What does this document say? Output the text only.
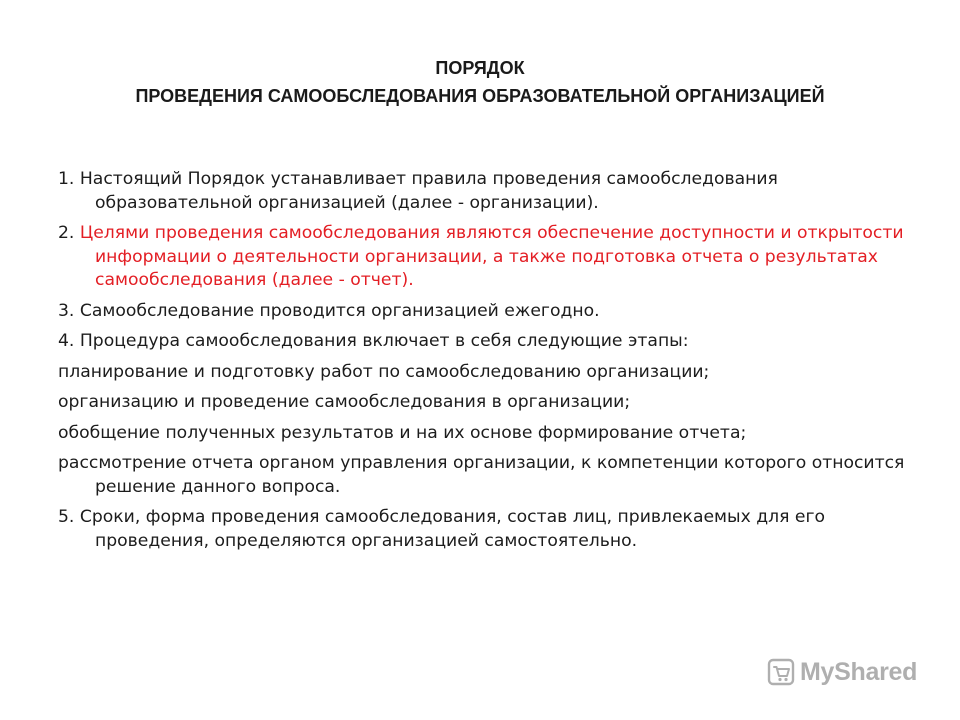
ПОРЯДОК
ПРОВЕДЕНИЯ САМООБСЛЕДОВАНИЯ ОБРАЗОВАТЕЛЬНОЙ ОРГАНИЗАЦИЕЙ

1. Настоящий Порядок устанавливает правила проведения самообследования образовательной организацией (далее - организации).

2. Целями проведения самообследования являются обеспечение доступности и открытости информации о деятельности организации, а также подготовка отчета о результатах самообследования (далее - отчет).

3. Самообследование проводится организацией ежегодно.

4. Процедура самообследования включает в себя следующие этапы:

планирование и подготовку работ по самообследованию организации;

организацию и проведение самообследования в организации;

обобщение полученных результатов и на их основе формирование отчета;

рассмотрение отчета органом управления организации, к компетенции которого относится решение данного вопроса.

5. Сроки, форма проведения самообследования, состав лиц, привлекаемых для его проведения, определяются организацией самостоятельно.

MyShared
